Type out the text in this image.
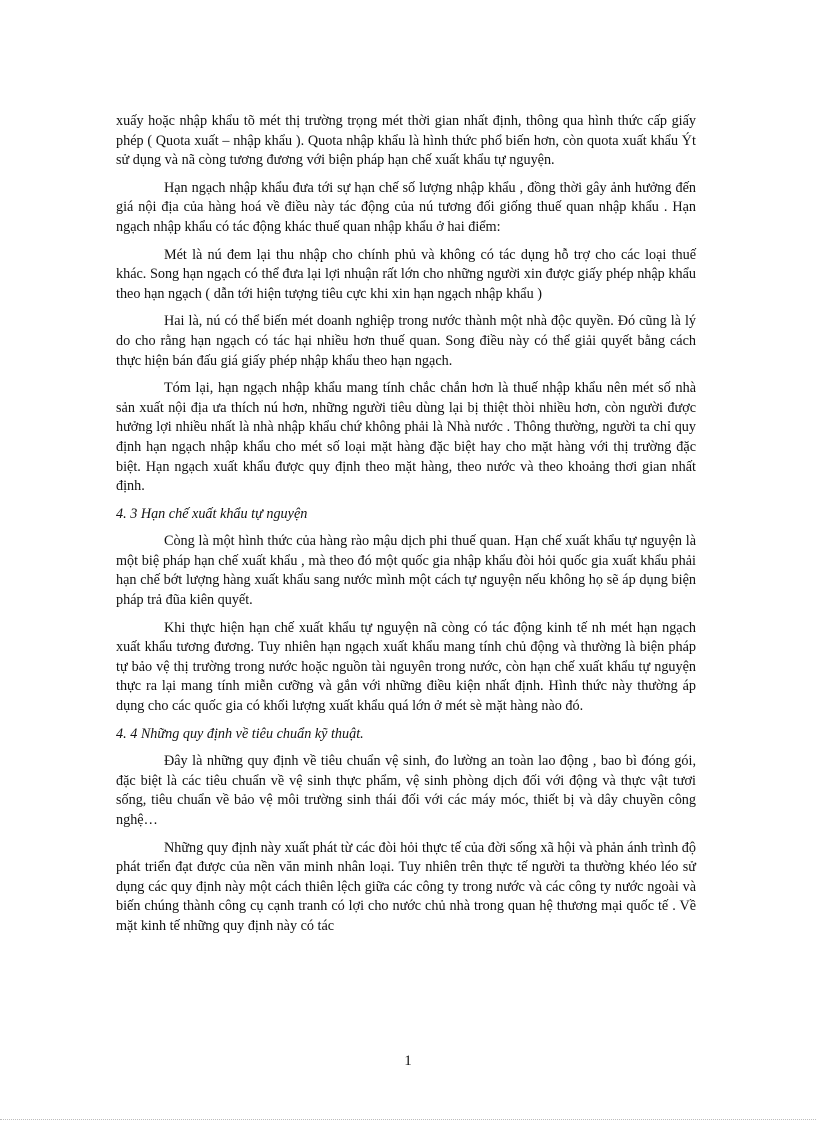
xuấy hoặc nhập khẩu tõ mét thị trường trọng mét thời gian nhất định, thông qua hình thức cấp giấy phép ( Quota xuất – nhập khẩu ). Quota nhập khẩu là hình thức phổ biến hơn, còn quota xuất khẩu Ýt sử dụng và nã còng tương đương với biện pháp hạn chế xuất khẩu tự nguyện.

Hạn ngạch nhập khẩu đưa tới sự hạn chế số lượng nhập khẩu , đồng thời gây ảnh hưởng đến giá nội địa của hàng hoá về điều này tác động của nú tương đối giống thuế quan nhập khẩu . Hạn ngạch nhập khẩu có tác động khác thuế quan nhập khẩu ở hai điểm:

Mét là nú đem lại thu nhập cho chính phủ và không có tác dụng hỗ trợ cho các loại thuế khác. Song hạn ngạch có thể đưa lại lợi nhuận rất lớn cho những người xin được giấy phép nhập khẩu theo hạn ngạch ( dẫn tới hiện tượng tiêu cực khi xin hạn ngạch nhập khẩu )

Hai là, nú có thể biến mét doanh nghiệp trong nước thành một nhà độc quyền. Đó cũng là lý do cho rằng hạn ngạch có tác hại nhiều hơn thuế quan. Song điều này có thể giải quyết bằng cách thực hiện bán đấu giá giấy phép nhập khẩu theo hạn ngạch.

Tóm lại, hạn ngạch nhập khẩu mang tính chắc chắn hơn là thuế nhập khẩu nên mét số nhà sản xuất nội địa ưa thích nú hơn, những người tiêu dùng lại bị thiệt thòi nhiều hơn, còn người được hưởng lợi nhiều nhất là nhà nhập khẩu chứ không phải là Nhà nước . Thông thường, người ta chỉ quy định hạn ngạch nhập khẩu cho mét số loại mặt hàng đặc biệt hay cho mặt hàng với thị trường đặc biệt. Hạn ngạch xuất khẩu được quy định theo mặt hàng, theo nước và theo khoảng thơi gian nhất định.

4. 3 Hạn chế xuất khẩu tự nguyện

Còng là một hình thức của hàng rào mậu dịch phi thuế quan. Hạn chế xuất khẩu tự nguyện là một biệ pháp hạn chế xuất khẩu , mà theo đó một quốc gia nhập khẩu đòi hỏi quốc gia xuất khẩu phải hạn chế bớt lượng hàng xuất khẩu sang nước mình một cách tự nguyện nếu không họ sẽ áp dụng biện pháp trả đũa kiên quyết.

Khi thực hiện hạn chế xuất khẩu tự nguyện nã còng có tác động kinh tế nh mét hạn ngạch xuất khẩu tương đương. Tuy nhiên hạn ngạch xuất khẩu mang tính chủ động và thường là biện pháp tự bảo vệ thị trường trong nước hoặc nguồn tài nguyên trong nước, còn hạn chế xuất khẩu tự nguyện thực ra lại mang tính miễn cưỡng và gắn với những điều kiện nhất định. Hình thức này thường áp dụng cho các quốc gia có khối lượng xuất khẩu quá lớn ở mét sè mặt hàng nào đó.

4. 4 Những quy định về tiêu chuẩn kỹ thuật.

Đây là những quy định về tiêu chuẩn vệ sinh, đo lường an toàn lao động , bao bì đóng gói, đặc biệt là các tiêu chuẩn về vệ sinh thực phẩm, vệ sinh phòng dịch đối với động và thực vật tươi sống, tiêu chuẩn về bảo vệ môi trường sinh thái đối với các máy móc, thiết bị và dây chuyền công nghệ…

Những quy định này xuất phát từ các đòi hỏi thực tế của đời sống xã hội và phản ánh trình độ phát triển đạt được của nền văn minh nhân loại. Tuy nhiên trên thực tế người ta thường khéo léo sử dụng các quy định này một cách thiên lệch giữa các công ty trong nước và các công ty nước ngoài và biến chúng thành công cụ cạnh tranh có lợi cho nước chủ nhà trong quan hệ thương mại quốc tế . Về mặt kinh tế những quy định này có tác

1
